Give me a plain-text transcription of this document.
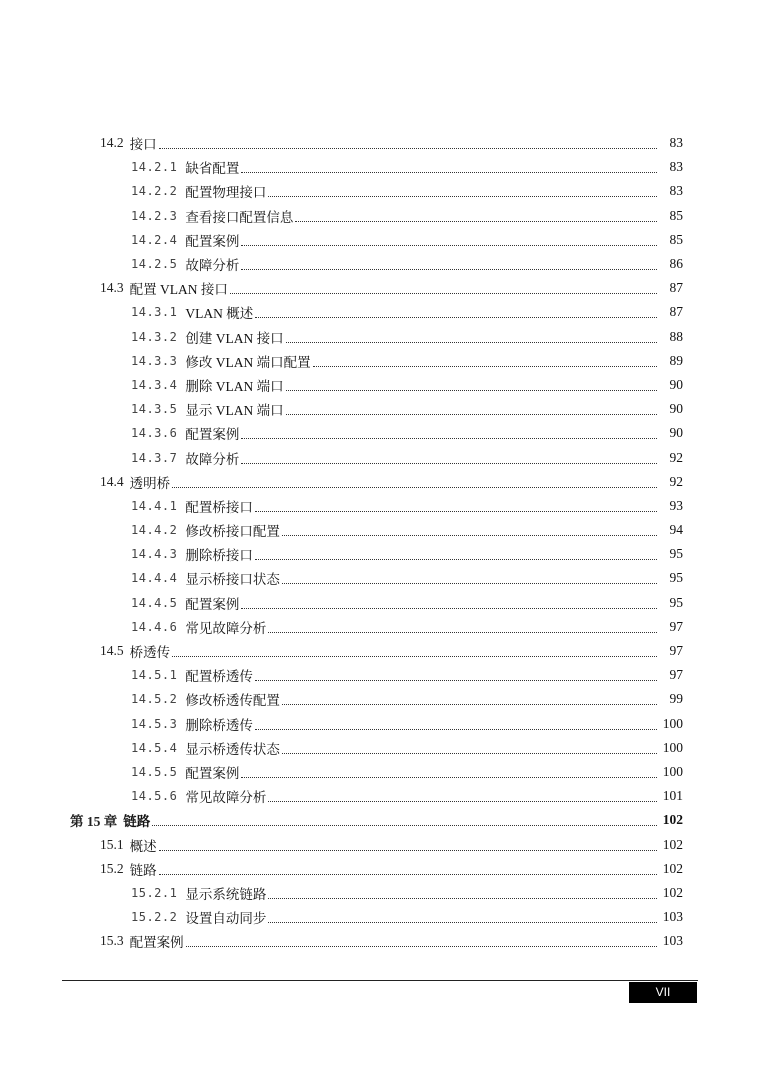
14.2 接口	83
14.2.1 缺省配置	83
14.2.2 配置物理接口	83
14.2.3 查看接口配置信息	85
14.2.4 配置案例	85
14.2.5 故障分析	86
14.3 配置 VLAN 接口	87
14.3.1 VLAN 概述	87
14.3.2 创建 VLAN 接口	88
14.3.3 修改 VLAN 端口配置	89
14.3.4 删除 VLAN 端口	90
14.3.5 显示 VLAN 端口	90
14.3.6 配置案例	90
14.3.7 故障分析	92
14.4 透明桥	92
14.4.1 配置桥接口	93
14.4.2 修改桥接口配置	94
14.4.3 删除桥接口	95
14.4.4 显示桥接口状态	95
14.4.5 配置案例	95
14.4.6 常见故障分析	97
14.5 桥透传	97
14.5.1 配置桥透传	97
14.5.2 修改桥透传配置	99
14.5.3 删除桥透传	100
14.5.4 显示桥透传状态	100
14.5.5 配置案例	100
14.5.6 常见故障分析	101
第 15 章 链路	102
15.1 概述	102
15.2 链路	102
15.2.1 显示系统链路	102
15.2.2 设置自动同步	103
15.3 配置案例	103
VII
